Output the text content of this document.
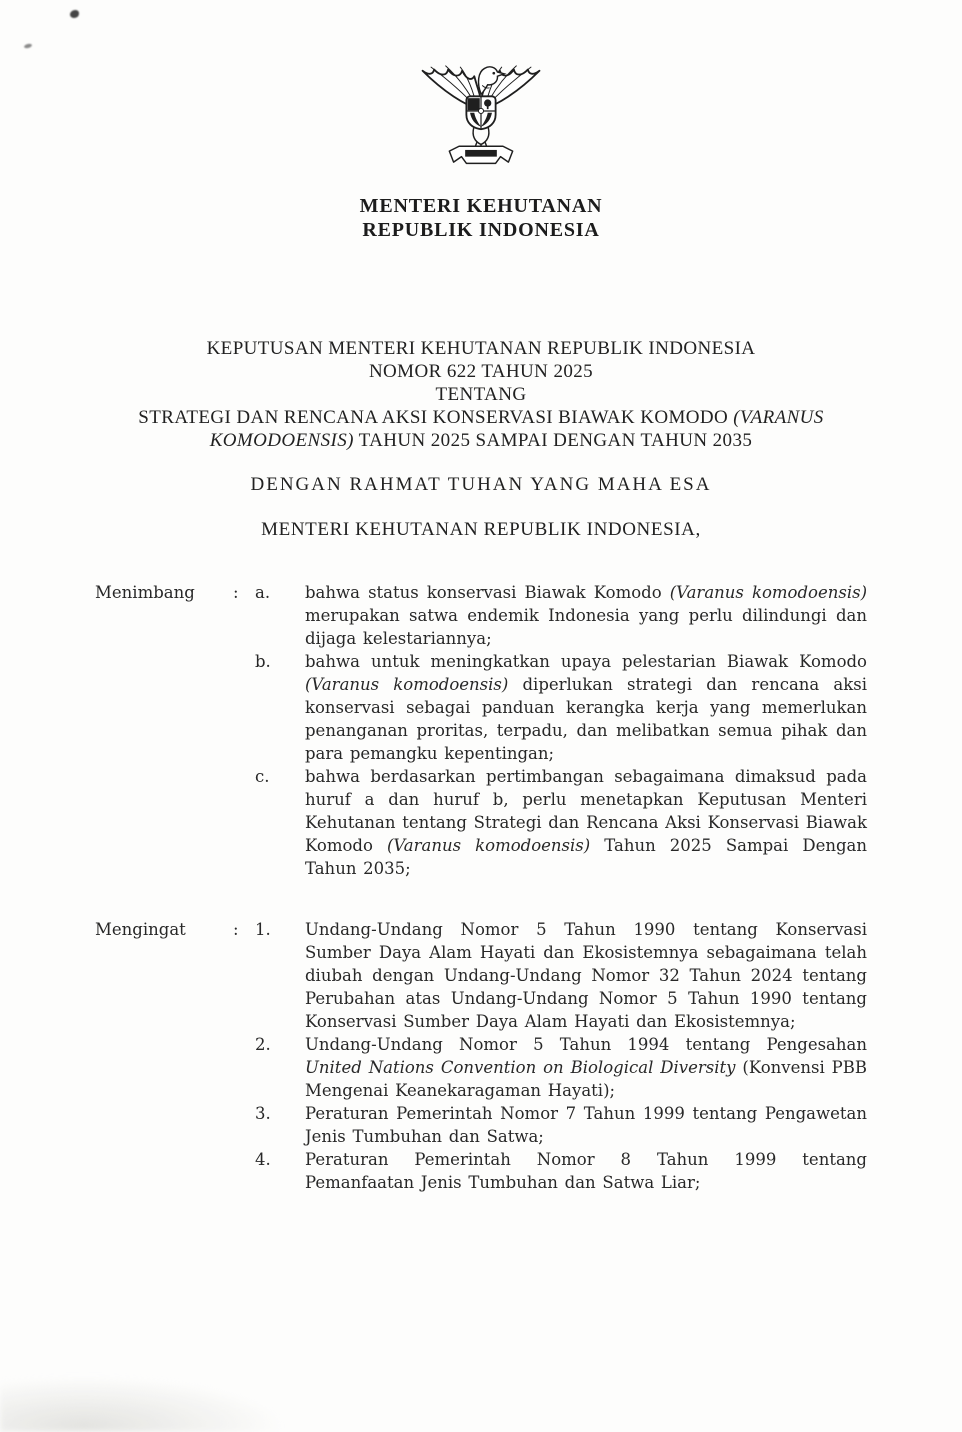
MENTERI KEHUTANAN
REPUBLIK INDONESIA
KEPUTUSAN MENTERI KEHUTANAN REPUBLIK INDONESIA
NOMOR 622 TAHUN 2025
TENTANG
STRATEGI DAN RENCANA AKSI KONSERVASI BIAWAK KOMODO (VARANUS KOMODOENSIS) TAHUN 2025 SAMPAI DENGAN TAHUN 2035
DENGAN RAHMAT TUHAN YANG MAHA ESA
MENTERI KEHUTANAN REPUBLIK INDONESIA,
Menimbang	: a.	bahwa status konservasi Biawak Komodo (Varanus komodoensis) merupakan satwa endemik Indonesia yang perlu dilindungi dan dijaga kelestariannya;
b.	bahwa untuk meningkatkan upaya pelestarian Biawak Komodo (Varanus komodoensis) diperlukan strategi dan rencana aksi konservasi sebagai panduan kerangka kerja yang memerlukan penanganan proritas, terpadu, dan melibatkan semua pihak dan para pemangku kepentingan;
c.	bahwa berdasarkan pertimbangan sebagaimana dimaksud pada huruf a dan huruf b, perlu menetapkan Keputusan Menteri Kehutanan tentang Strategi dan Rencana Aksi Konservasi Biawak Komodo (Varanus komodoensis) Tahun 2025 Sampai Dengan Tahun 2035;
Mengingat	: 1.	Undang-Undang Nomor 5 Tahun 1990 tentang Konservasi Sumber Daya Alam Hayati dan Ekosistemnya sebagaimana telah diubah dengan Undang-Undang Nomor 32 Tahun 2024 tentang Perubahan atas Undang-Undang Nomor 5 Tahun 1990 tentang Konservasi Sumber Daya Alam Hayati dan Ekosistemnya;
2.	Undang-Undang Nomor 5 Tahun 1994 tentang Pengesahan United Nations Convention on Biological Diversity (Konvensi PBB Mengenai Keanekaragaman Hayati);
3.	Peraturan Pemerintah Nomor 7 Tahun 1999 tentang Pengawetan Jenis Tumbuhan dan Satwa;
4.	Peraturan Pemerintah Nomor 8 Tahun 1999 tentang Pemanfaatan Jenis Tumbuhan dan Satwa Liar;
